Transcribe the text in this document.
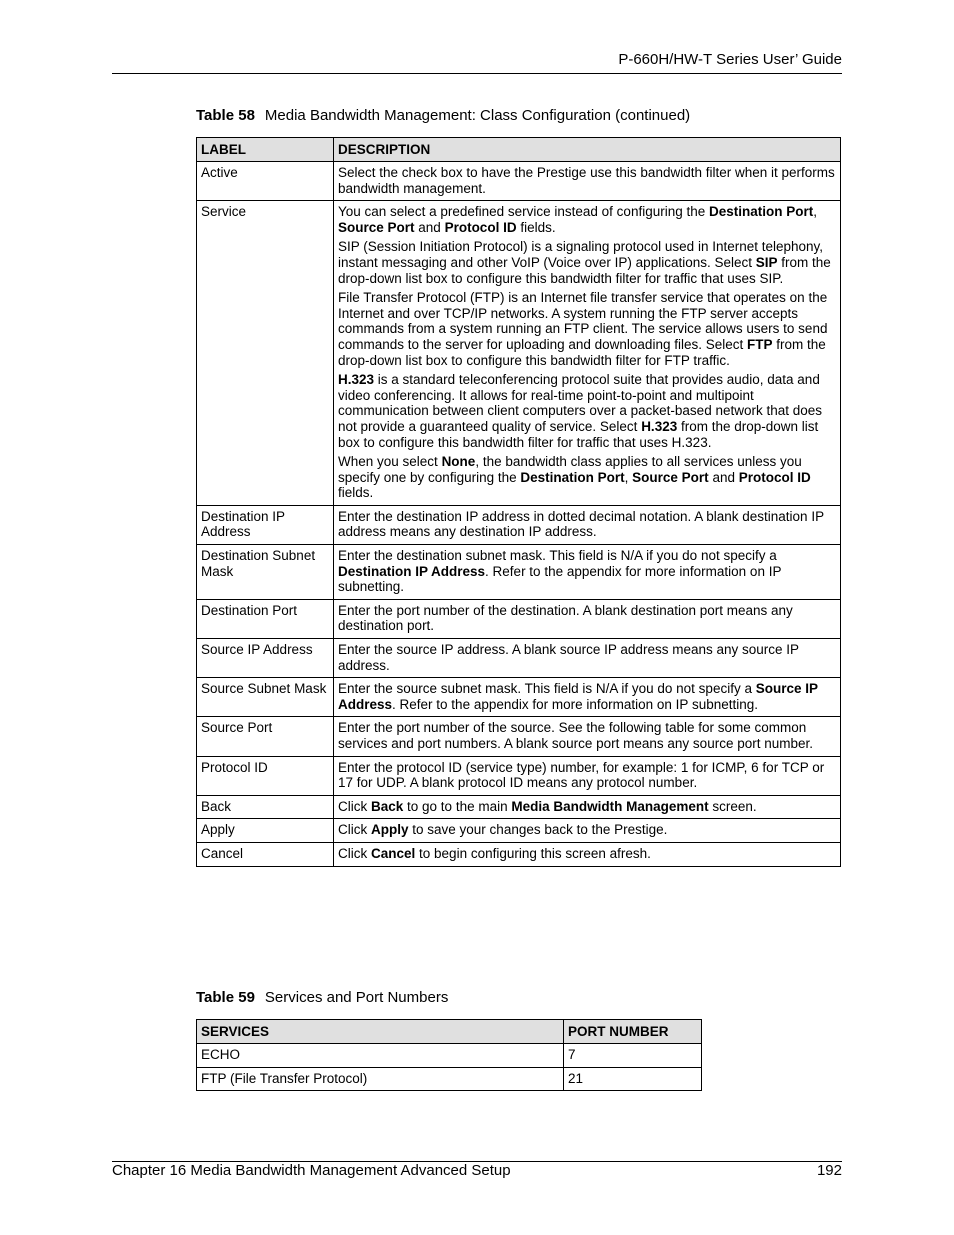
P-660H/HW-T Series User’ Guide
Table 58 Media Bandwidth Management: Class Configuration (continued)
LABEL	DESCRIPTION
Active	Select the check box to have the Prestige use this bandwidth filter when it performs bandwidth management.

Service	You can select a predefined service instead of configuring the Destination Port, Source Port and Protocol ID fields.

SIP (Session Initiation Protocol) is a signaling protocol used in Internet telephony, instant messaging and other VoIP (Voice over IP) applications. Select SIP from the drop-down list box to configure this bandwidth filter for traffic that uses SIP.

File Transfer Protocol (FTP) is an Internet file transfer service that operates on the Internet and over TCP/IP networks. A system running the FTP server accepts commands from a system running an FTP client. The service allows users to send commands to the server for uploading and downloading files. Select FTP from the drop-down list box to configure this bandwidth filter for FTP traffic.

H.323 is a standard teleconferencing protocol suite that provides audio, data and video conferencing. It allows for real-time point-to-point and multipoint communication between client computers over a packet-based network that does not provide a guaranteed quality of service. Select H.323 from the drop-down list box to configure this bandwidth filter for traffic that uses H.323.

When you select None, the bandwidth class applies to all services unless you specify one by configuring the Destination Port, Source Port and Protocol ID fields.

Destination IP Address	Enter the destination IP address in dotted decimal notation. A blank destination IP address means any destination IP address.

Destination Subnet Mask	Enter the destination subnet mask. This field is N/A if you do not specify a Destination IP Address. Refer to the appendix for more information on IP subnetting.

Destination Port	Enter the port number of the destination. A blank destination port means any destination port.

Source IP Address	Enter the source IP address. A blank source IP address means any source IP address.

Source Subnet Mask	Enter the source subnet mask. This field is N/A if you do not specify a Source IP Address. Refer to the appendix for more information on IP subnetting.

Source Port	Enter the port number of the source. See the following table for some common services and port numbers. A blank source port means any source port number.

Protocol ID	Enter the protocol ID (service type) number, for example: 1 for ICMP, 6 for TCP or 17 for UDP. A blank protocol ID means any protocol number.

Back	Click Back to go to the main Media Bandwidth Management screen.

Apply	Click Apply to save your changes back to the Prestige.

Cancel	Click Cancel to begin configuring this screen afresh.

Table 59 Services and Port Numbers
SERVICES	PORT NUMBER
ECHO	7
FTP (File Transfer Protocol)	21
Chapter 16 Media Bandwidth Management Advanced Setup	192
